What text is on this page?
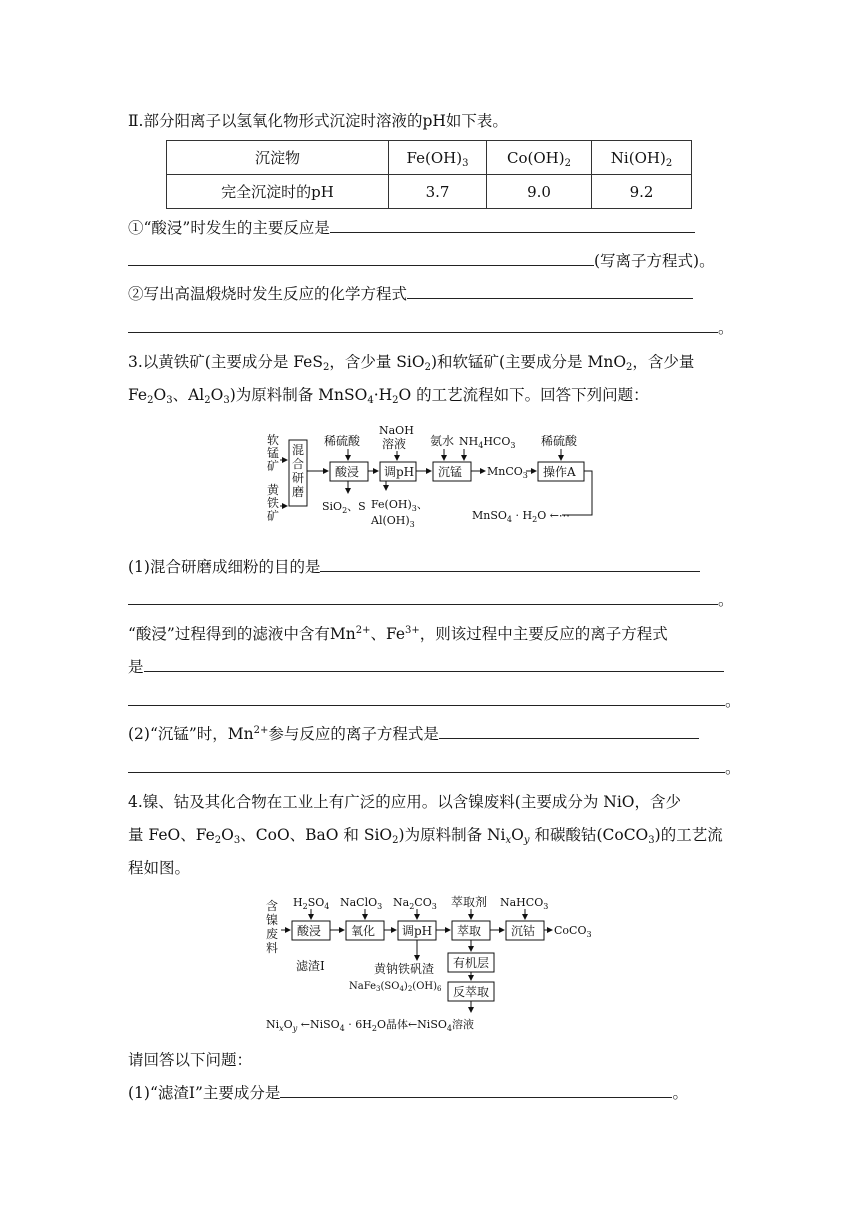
Ⅱ.部分阳离子以氢氧化物形式沉淀时溶液的pH如下表。
沉淀物	$Fe(OH)_3$	$Co(OH)_2$	$Ni(OH)_2$
完全沉淀时的pH	3.7	9.0	9.2
①“酸浸”时发生的主要反应是
(写离子方程式)。
②写出高温煅烧时发生反应的化学方程式
。
3.以黄铁矿(主要成分是 FeS$_2$，含少量 SiO$_2$)和软锰矿(主要成分是 MnO$_2$，含少量
$Fe_2O_3$、$Al_2O_3$)为原料制备 $MnSO_4\cdot H_2O$ 的工艺流程如下。回答下列问题：
软
锰
矿
黄
铁
矿
混
合
研
磨
酸浸
稀硫酸
SiO$_2$、S
调pH
NaOH
溶液
$Fe(OH)_3$、
$Al(OH)_3$
沉锰
氨水 $NH_4HCO_3$
MnCO$_3$ 操作A
稀硫酸
MnSO$_4$ · $H_2O$ ←⋯
(1)混合研磨成细粉的目的是
。
“酸浸”过程得到的滤液中含有$Mn^{2+}$、$Fe^{3+}$，则该过程中主要反应的离子方程式
是
。
(2)“沉锰”时，$Mn^{2+}$参与反应的离子方程式是
。
4.镍、钴及其化合物在工业上有广泛的应用。以含镍废料(主要成分为 NiO，含少
量 FeO、$Fe_2O_3$、CoO、BaO 和 SiO$_2$)为原料制备 $Ni_xO_y$ 和碳酸钴(CoCO$_3$)的工艺流
程如图。
含
镍
废
料
酸浸 氧化 调pH 萃取 沉钴 CoCO$_3$
$H_2SO_4$ NaClO$_3$ $Na_2CO_3$ 萃取剂 NaHCO$_3$
滤渣Ⅰ	黄钠铁矾渣
$NaFe_3(SO_4)_2(OH)_6$
有机层
反萃取
$Ni_xO_y$ ←NiSO$_4$ · $6H_2O$晶体←NiSO$_4$溶液
请回答以下问题：
(1)“滤渣Ⅰ”主要成分是	。
